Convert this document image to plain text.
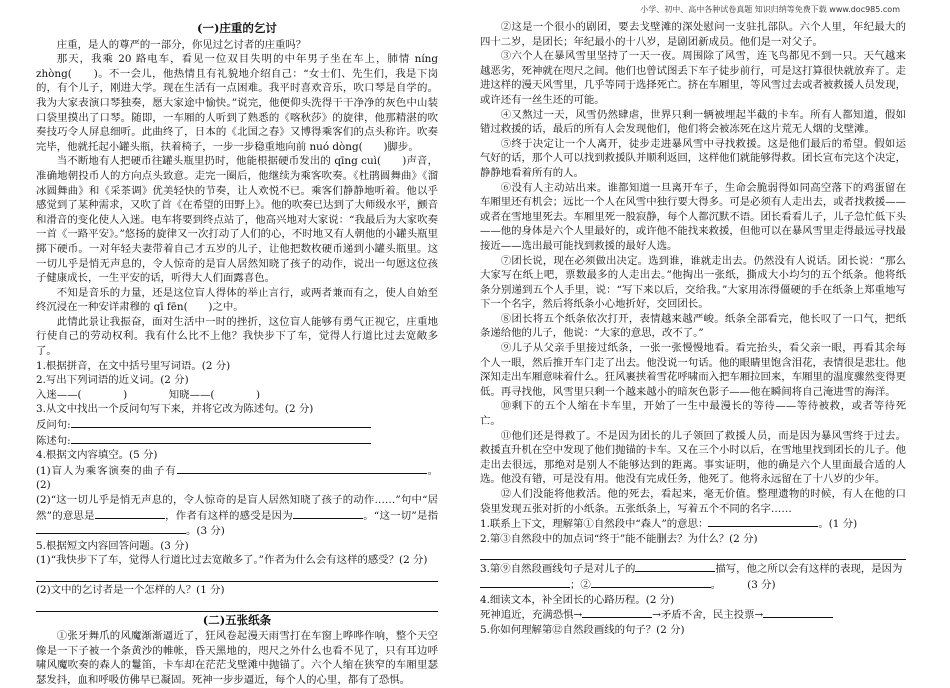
小学、初中、高中各种试卷真题 知识归纳等免费下载 www.doc985.com
(一)庄重的乞讨

庄重，是人的尊严的一部分，你见过乞讨者的庄重吗？

那天，我乘 20 路电车，看见一位双目失明的中年男子坐在车上，肺情 níng zhòng(　　)。不一会儿，他热情且有礼貌地介绍自己：“女士们、先生们，我是下岗的，有个儿子，刚进大学。现在生活有一点困难。我平时喜欢音乐，吹口琴是自学的。我为大家表演口琴独奏，愿大家途中愉快。”说完，他便仰头洗得干干净净的灰色中山装口袋里摸出了口琴。随即，一车厢的人听到了熟悉的《喀秋莎》的旋律，他那精湛的吹奏技巧令人屏息细听。此曲终了，日本的《北国之春》又博得乘客们的点头称许。吹奏完毕，他就托起小罐头瓶，扶着椅子，一步一步稳重地向前 nuó dòng(　　)脚步。

当不断地有人把硬币往罐头瓶里扔时，他能根据硬币发出的 qīng cuì(　　)声音，准确地朝投币人的方向点头致意。走完一圈后，他继续为乘客吹奏。《杜鹃圆舞曲》《溜冰圆舞曲》和《采茶调》优美轻快的节奏，让人欢悦不已。乘客们静静地听着。他以乎感觉到了某种需求，又吹了首《在希望的田野上》。他的吹奏已达到了大师级水平，颤音和滑音的变化使人入迷。电车将要到终点站了，他高兴地对大家说：“我最后为大家吹奏一首《一路平安》。”悠扬的旋律又一次打动了人们的心，不时地又有人朝他的小罐头瓶里掷下硬币。一对年轻夫妻带着自己才五岁的儿子，让他把数枚硬币递到小罐头瓶里。这一切儿乎是悄无声息的，令人惊奇的是盲人居然知晓了孩子的动作，说出一句愿这位孩子健康成长，一生平安的话，听得大人们面露喜色。

不知是音乐的力量，还是这位盲人得体的举止言行，或两者兼而有之，使人自始至终沉浸在一种安详肃穆的 qī fēn(　　)之中。

此情此景让我振奋，面对生活中一时的挫折，这位盲人能够有勇气正视它，庄重地行使自己的劳动权利。我有什么比不上他？我快步下了车，觉得人行道比过去宽敞多了。

1.根据拼音，在文中括号里写词语。(2 分)

2.写出下列词语的近义词。(2 分)

入迷——(　　　　)　　　　知晓——(　　　　)

3.从文中找出一个反问句写下来，并将它改为陈述句。(2 分)

反问句:

陈述句:

4.根据文内容填空。(5 分)

(1)盲人为乘客演奏的曲子有	。(2)

(2)“这一切儿乎是悄无声息的，令人惊奇的是盲人居然知晓了孩子的动作……”句中“居然”的意思是	，作者有这样的感受是因为	。“这一切”是指。(3 分)

5.根据短文内容回答问题。(3 分)

(1)“我快步下了车，觉得人行道比过去宽敞多了。”作者为什么会有这样的感受？(2 分)

(2)文中的乞讨者是一个怎样的人？(1 分)

(二)五张纸条

①张牙舞爪的风魔渐渐逼近了，狂风卷起漫天雨雪打在车窗上哗哗作响，整个天空像是一下子被一个条黄沙的帷帐，昏天黑地的，咫尺之外什么也看不见了，只有耳边呼啸风魔吹奏的森人的鬘笛，卡车却在茫茫戈壁滩中抛锚了。六个人缩在狭窄的车厢里瑟瑟发抖，血和呼吸仿佛早已凝固。死神一步步逼近，每个人的心里，都有了恐惧。

②这是一个很小的剧团，要去戈壁滩的深处慰问一支驻扎部队。六个人里，年纪最大的四十二岁，是团长；年纪最小的十八岁，是剧团新成员。他们是一对父子。

③六个人在暴风雪里坚持了一天一夜。周围除了风雪，连飞鸟都见不到一只。天气越来越恶劣，死神就在咫尺之间。他们也曾试图丢下车子徒步前行，可是这打算很快就放弃了。走进这样的漫天风雪里，几乎等同于选择死亡。挤在车厢里，等风雪过去或者被救援人员发现，或许还有一丝生还的可能。

④又熬过一天，风雪仍然肆虐，世界只剩一辆被埋起半截的卡车。所有人都知道，假如错过救援的话，最后的所有人会发现他们，他们将会被冻死在这片荒无人烟的戈壁滩。

⑤终于决定让一个人离开，徒步走进暴风雪中寻找救援。这是他们最后的希望。假如运气好的话，那个人可以找到救援队并顺利返回，这样他们就能够得救。团长宣布完这个决定，静静地看着所有的人。

⑥没有人主动站出来。谁都知道一旦离开车子，生命会脆弱得如同高空落下的鸡蛋留在车厢里还有机会；远比一个人在风雪中独行要大得多。可是必须有人走出去，或者找救援——或者在雪地里死去。车厢里死一般寂静，每个人都沉默不语。团长看看儿子，儿子急忙低下头——他的身体是六个人里最好的，或许他不能找来救援，但他可以在暴风雪里走得最远寻找最接近——选出最可能找到救援的最好人选。

⑦团长说，现在必须做出决定。选到谁，谁就走出去。仍然没有人说话。团长说：“那么大家写在纸上吧，票数最多的人走出去。”他掏出一张纸，撕成大小均匀的五个纸条。他将纸条分别递到五个人手里，说：“写下来以后，交给我。”大家用冻得僵硬的手在纸条上郑重地写下一个名字，然后将纸条小心地折好，交回团长。

⑧团长将五个纸条依次打开，表情越来越严峻。纸条全部看完，他长叹了一口气，把纸条递给他的儿子，他说：“大家的意思，改不了。”

⑨儿子从父亲手里接过纸条，一张一张慢慢地看。看完抬头，看父亲一眼，再看其余每个人一眼，然后推开车门走了出去。他没说一句话。他的眼睛里饱含泪花，表情很是悲壮。他深知走出车厢意味着什么。狂风裹挟着雪花呼啸而入把车厢拉回来，车厢里的温度骤然变得更低。再寻找他，风雪里只剩一个越来越小的暗灰色影子——他在瞬间将自己淹进雪的海洋。

⑩剩下的五个人缩在卡车里，开始了一生中最漫长的等待——等待被救，或者等待死亡。

⑪他们还是得救了。不是因为团长的儿子领回了救援人员，而是因为暴风雪终于过去。救援直升机在空中发现了他们抛锚的卡车。又在三个小时以后，在雪地里找到团长的儿子。他走出去很远，那绝对是别人不能够达到的距离。事实证明，他的确是六个人里面最合适的人选。他没有错，可是没有用。他没有完成任务，他死了。他将永远留在了十八岁的少年。

⑫人们没能将他救活。他的死去，看起来，毫无价值。整理遗物的时候，有人在他的口袋里发现五张对折的小纸条。五张纸条上，写着五个不同的名字……

1.联系上下文，理解第①自然段中“森人”的意思：	。(1 分)

2.第③自然段中的加点词“终于”能不能删去？为什么？(2 分)

3.第⑨自然段画线句子是对儿子的	描写，他之所以会有这样的表现，是因为

；②	。　　　(3 分)

4.细读文本，补全团长的心路历程。(2 分)

死神追近，充满恐惧→	→矛盾不舍，民主投票→

5.你如何理解第⑫自然段画线的句子？(2 分)
